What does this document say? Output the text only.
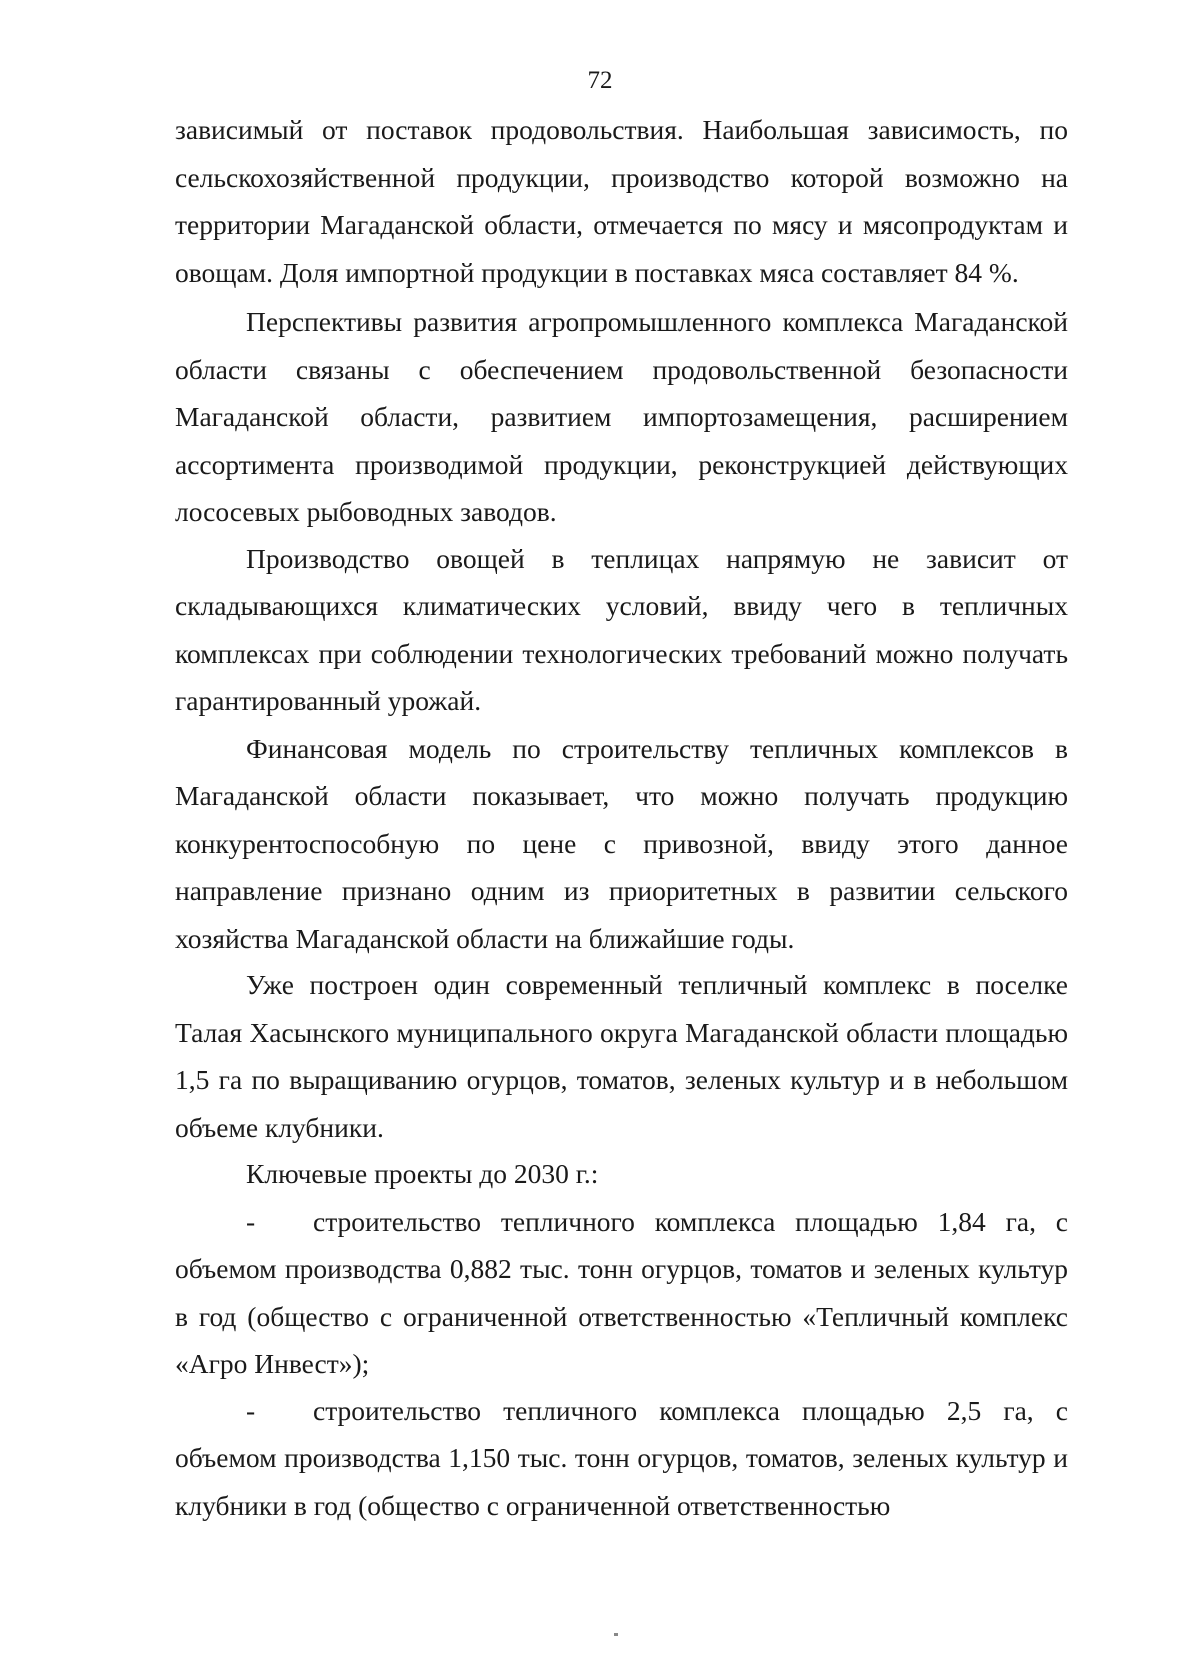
72

зависимый от поставок продовольствия. Наибольшая зависимость, по сельскохозяйственной продукции, производство которой возможно на территории Магаданской области, отмечается по мясу и мясопродуктам и овощам. Доля импортной продукции в поставках мяса составляет 84 %.

Перспективы развития агропромышленного комплекса Магаданской области связаны с обеспечением продовольственной безопасности Магаданской области, развитием импортозамещения, расширением ассортимента производимой продукции, реконструкцией действующих лососевых рыбоводных заводов.

Производство овощей в теплицах напрямую не зависит от складывающихся климатических условий, ввиду чего в тепличных комплексах при соблюдении технологических требований можно получать гарантированный урожай.

Финансовая модель по строительству тепличных комплексов в Магаданской области показывает, что можно получать продукцию конкурентоспособную по цене с привозной, ввиду этого данное направление признано одним из приоритетных в развитии сельского хозяйства Магаданской области на ближайшие годы.

Уже построен один современный тепличный комплекс в поселке Талая Хасынского муниципального округа Магаданской области площадью 1,5 га по выращиванию огурцов, томатов, зеленых культур и в небольшом объеме клубники.

Ключевые проекты до 2030 г.:

- строительство тепличного комплекса площадью 1,84 га, с объемом производства 0,882 тыс. тонн огурцов, томатов и зеленых культур в год (общество с ограниченной ответственностью «Тепличный комплекс «Агро Инвест»);

- строительство тепличного комплекса площадью 2,5 га, с объемом производства 1,150 тыс. тонн огурцов, томатов, зеленых культур и клубники в год (общество с ограниченной ответственностью
